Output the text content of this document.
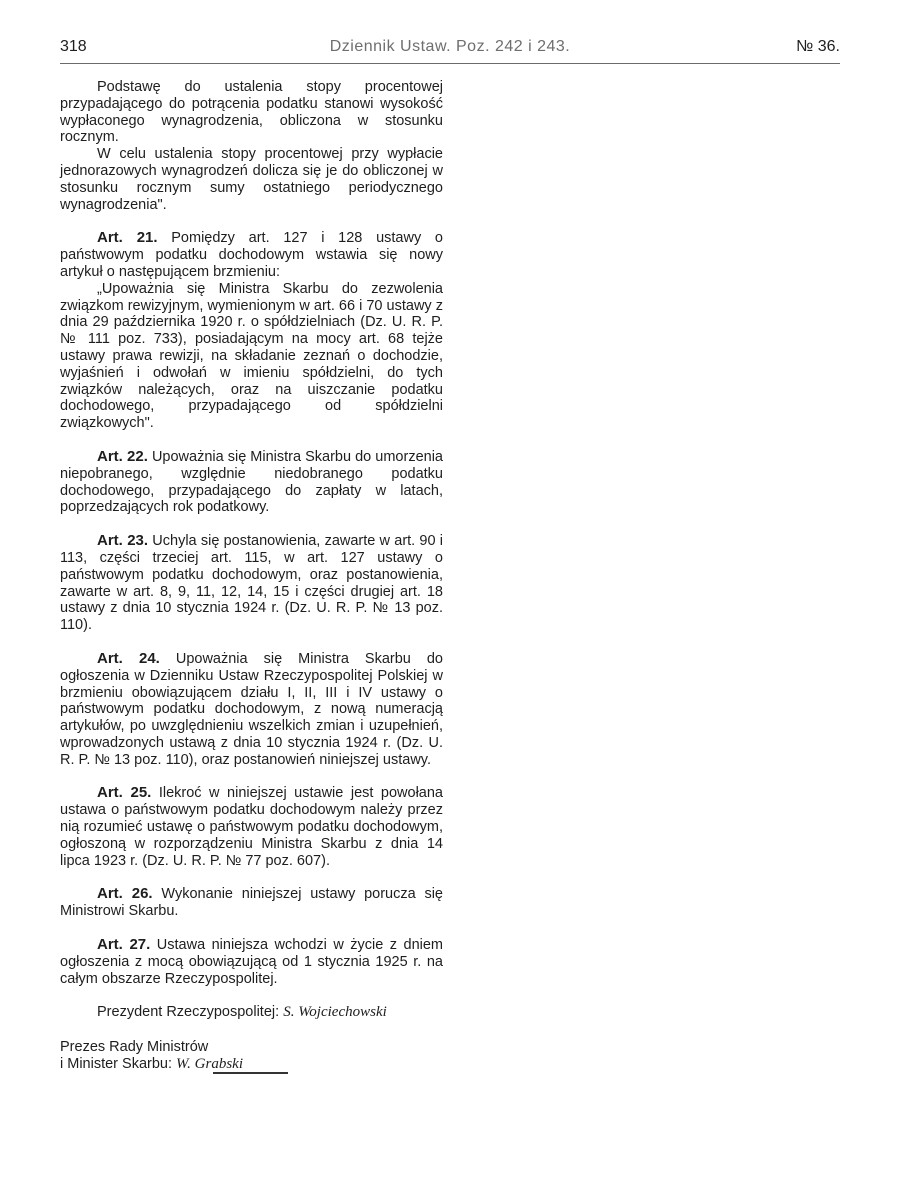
318	Dziennik Ustaw. Poz. 242 i 243.	№ 36.

Podstawę do ustalenia stopy procentowej przypadającego do potrącenia podatku stanowi wysokość wypłaconego wynagrodzenia, obliczona w stosunku rocznym.

W celu ustalenia stopy procentowej przy wypłacie jednorazowych wynagrodzeń dolicza się je do obliczonej w stosunku rocznym sumy ostatniego periodycznego wynagrodzenia".

Art. 21. Pomiędzy art. 127 i 128 ustawy o państwowym podatku dochodowym wstawia się nowy artykuł o następującem brzmieniu:

„Upoważnia się Ministra Skarbu do zezwolenia związkom rewizyjnym, wymienionym w art. 66 i 70 ustawy z dnia 29 października 1920 r. o spółdzielniach (Dz. U. R. P. № 111 poz. 733), posiadającym na mocy art. 68 tejże ustawy prawa rewizji, na składanie zeznań o dochodzie, wyjaśnień i odwołań w imieniu spółdzielni, do tych związków należących, oraz na uiszczanie podatku dochodowego, przypadającego od spółdzielni związkowych".

Art. 22. Upoważnia się Ministra Skarbu do umorzenia niepobranego, względnie niedobranego podatku dochodowego, przypadającego do zapłaty w latach, poprzedzających rok podatkowy.

Art. 23. Uchyla się postanowienia, zawarte w art. 90 i 113, części trzeciej art. 115, w art. 127 ustawy o państwowym podatku dochodowym, oraz postanowienia, zawarte w art. 8, 9, 11, 12, 14, 15 i części drugiej art. 18 ustawy z dnia 10 stycznia 1924 r. (Dz. U. R. P. № 13 poz. 110).

Art. 24. Upoważnia się Ministra Skarbu do ogłoszenia w Dzienniku Ustaw Rzeczypospolitej Polskiej w brzmieniu obowiązującem działu I, II, III i IV ustawy o państwowym podatku dochodowym, z nową numeracją artykułów, po uwzględnieniu wszelkich zmian i uzupełnień, wprowadzonych ustawą z dnia 10 stycznia 1924 r. (Dz. U. R. P. № 13 poz. 110), oraz postanowień niniejszej ustawy.

Art. 25. Ilekroć w niniejszej ustawie jest powołana ustawa o państwowym podatku dochodowym należy przez nią rozumieć ustawę o państwowym podatku dochodowym, ogłoszoną w rozporządzeniu Ministra Skarbu z dnia 14 lipca 1923 r. (Dz. U. R. P. № 77 poz. 607).

Art. 26. Wykonanie niniejszej ustawy porucza się Ministrowi Skarbu.

Art. 27. Ustawa niniejsza wchodzi w życie z dniem ogłoszenia z mocą obowiązującą od 1 stycznia 1925 r. na całym obszarze Rzeczypospolitej.

Prezydent Rzeczypospolitej: S. Wojciechowski

Prezes Rady Ministrów

i Minister Skarbu: W. Grabski
